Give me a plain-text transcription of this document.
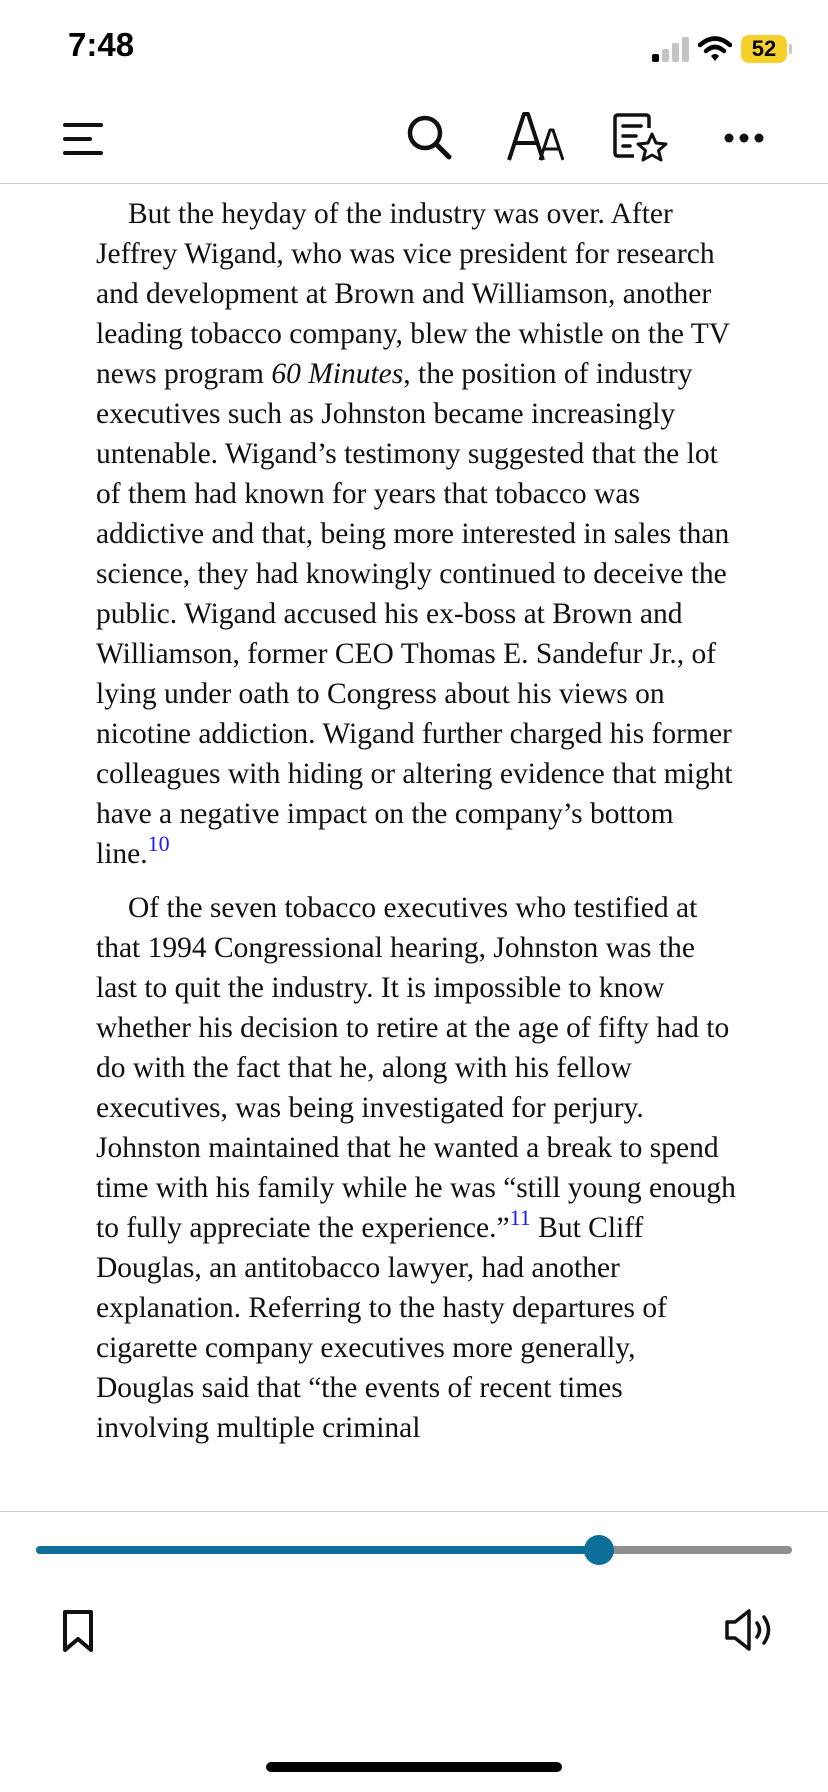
7:48	52

But the heyday of the industry was over. After Jeffrey Wigand, who was vice president for research and development at Brown and Williamson, another leading tobacco company, blew the whistle on the TV news program 60 Minutes, the position of industry executives such as Johnston became increasingly untenable. Wigand’s testimony suggested that the lot of them had known for years that tobacco was addictive and that, being more interested in sales than science, they had knowingly continued to deceive the public. Wigand accused his ex-boss at Brown and Williamson, former CEO Thomas E. Sandefur Jr., of lying under oath to Congress about his views on nicotine addiction. Wigand further charged his former colleagues with hiding or altering evidence that might have a negative impact on the company’s bottom line.$^{10}$

Of the seven tobacco executives who testified at that 1994 Congressional hearing, Johnston was the last to quit the industry. It is impossible to know whether his decision to retire at the age of fifty had to do with the fact that he, along with his fellow executives, was being investigated for perjury. Johnston maintained that he wanted a break to spend time with his family while he was “still young enough to fully appreciate the experience.”$^{11}$ But Cliff Douglas, an antitobacco lawyer, had another explanation. Referring to the hasty departures of cigarette company executives more generally, Douglas said that “the events of recent times involving multiple criminal
